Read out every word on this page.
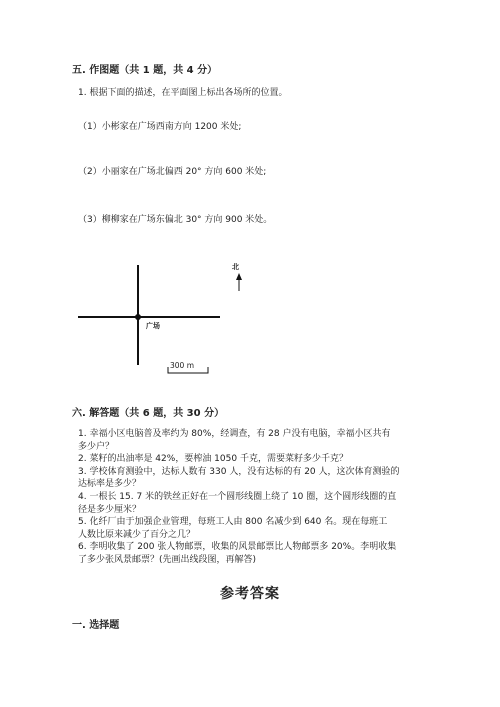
五. 作图题（共 1 题，共 4 分）
1. 根据下面的描述，在平面图上标出各场所的位置。
（1）小彬家在广场西南方向 1200 米处;
（2）小丽家在广场北偏西 20° 方向 600 米处;
（3）柳柳家在广场东偏北 30° 方向 900 米处。
北
广场
300 m
六. 解答题（共 6 题，共 30 分）
1. 幸福小区电脑普及率约为 80%，经调查，有 28 户没有电脑，幸福小区共有
多少户？
2. 菜籽的出油率是 42%，要榨油 1050 千克，需要菜籽多少千克？
3. 学校体育测验中，达标人数有 330 人，没有达标的有 20 人，这次体育测验的
达标率是多少？
4. 一根长 15. 7 米的铁丝正好在一个圆形线圈上绕了 10 圈，这个圆形线圈的直
径是多少厘米？
5. 化纤厂由于加强企业管理，每班工人由 800 名减少到 640 名。现在每班工
人数比原来减少了百分之几？
6. 李明收集了 200 张人物邮票，收集的风景邮票比人物邮票多 20%。李明收集
了多少张风景邮票？(先画出线段图，再解答)
参考答案
一. 选择题
